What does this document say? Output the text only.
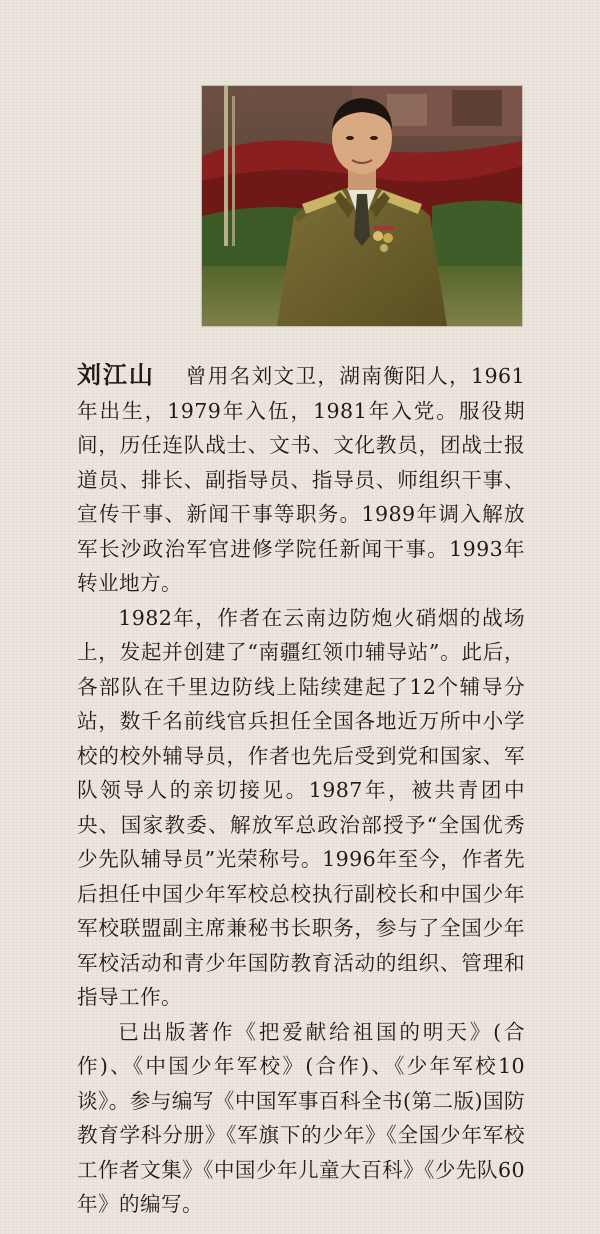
刘江山 曾用名刘文卫，湖南衡阳人，1961年出生，1979年入伍，1981年入党。服役期间，历任连队战士、文书、文化教员，团战士报道员、排长、副指导员、指导员、师组织干事、宣传干事、新闻干事等职务。1989年调入解放军长沙政治军官进修学院任新闻干事。1993年转业地方。

1982年，作者在云南边防炮火硝烟的战场上，发起并创建了“南疆红领巾辅导站”。此后，各部队在千里边防线上陆续建起了12个辅导分站，数千名前线官兵担任全国各地近万所中小学校的校外辅导员，作者也先后受到党和国家、军队领导人的亲切接见。1987年，被共青团中央、国家教委、解放军总政治部授予“全国优秀少先队辅导员”光荣称号。1996年至今，作者先后担任中国少年军校总校执行副校长和中国少年军校联盟副主席兼秘书长职务，参与了全国少年军校活动和青少年国防教育活动的组织、管理和指导工作。

已出版著作《把爱献给祖国的明天》(合作)、《中国少年军校》(合作)、《少年军校10谈》。参与编写《中国军事百科全书(第二版)国防教育学科分册》《军旗下的少年》《全国少年军校工作者文集》《中国少年儿童大百科》《少先队60年》的编写。
